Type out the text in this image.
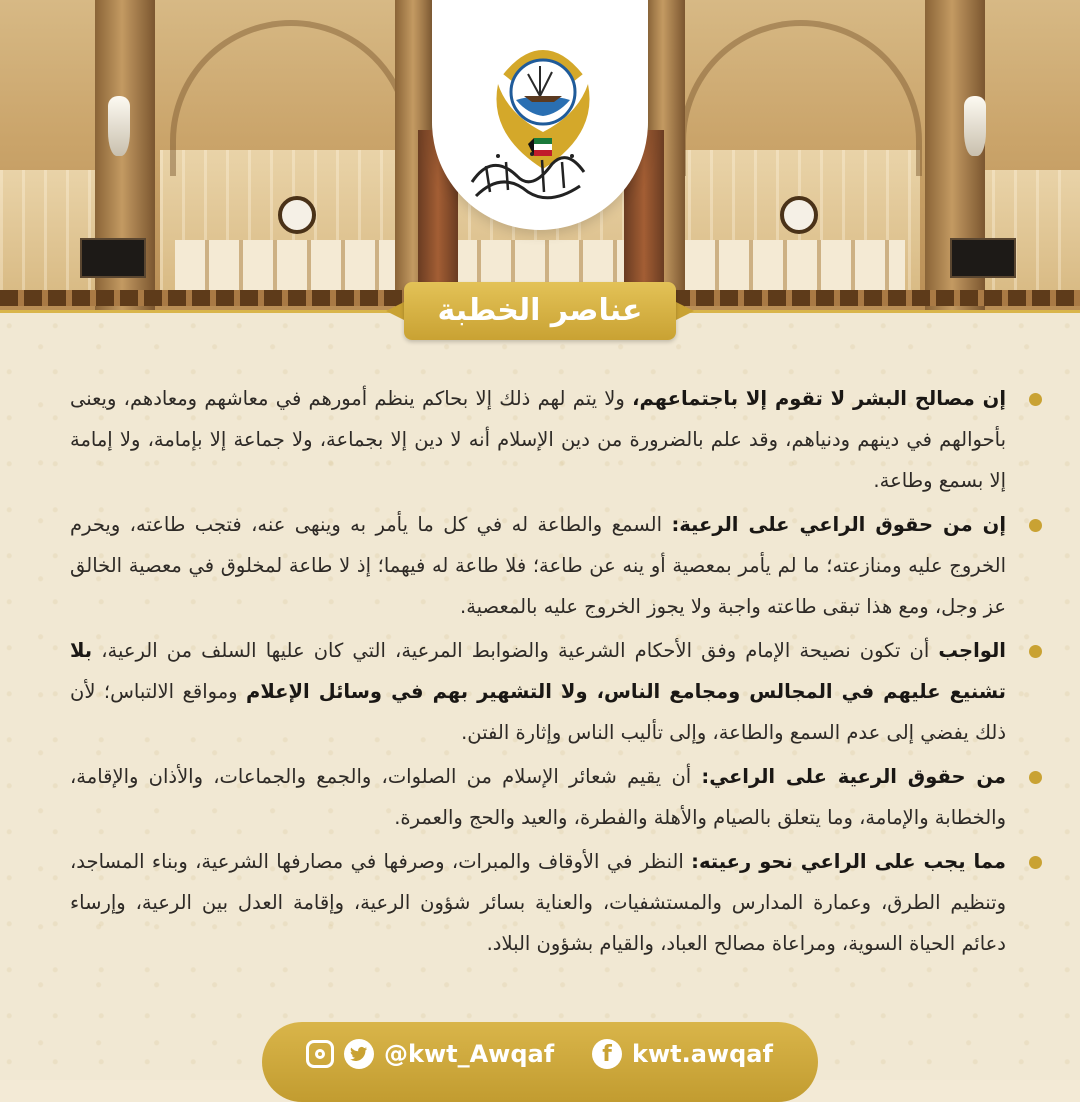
عناصر الخطبة

إن مصالح البشر لا تقوم إلا باجتماعهم، ولا يتم لهم ذلك إلا بحاكم ينظم أمورهم في معاشهم ومعادهم، ويعنى بأحوالهم في دينهم ودنياهم، وقد علم بالضرورة من دين الإسلام أنه لا دين إلا بجماعة، ولا جماعة إلا بإمامة، ولا إمامة إلا بسمع وطاعة.

إن من حقوق الراعي على الرعية: السمع والطاعة له في كل ما يأمر به وينهى عنه، فتجب طاعته، ويحرم الخروج عليه ومنازعته؛ ما لم يأمر بمعصية أو ينه عن طاعة؛ فلا طاعة له فيهما؛ إذ لا طاعة لمخلوق في معصية الخالق عز وجل، ومع هذا تبقى طاعته واجبة ولا يجوز الخروج عليه بالمعصية.

الواجب أن تكون نصيحة الإمام وفق الأحكام الشرعية والضوابط المرعية، التي كان عليها السلف من الرعية، بلا تشنيع عليهم في المجالس ومجامع الناس، ولا التشهير بهم في وسائل الإعلام ومواقع الالتباس؛ لأن ذلك يفضي إلى عدم السمع والطاعة، وإلى تأليب الناس وإثارة الفتن.

من حقوق الرعية على الراعي: أن يقيم شعائر الإسلام من الصلوات، والجمع والجماعات، والأذان والإقامة، والخطابة والإمامة، وما يتعلق بالصيام والأهلة والفطرة، والعيد والحج والعمرة.

مما يجب على الراعي نحو رعيته: النظر في الأوقاف والمبرات، وصرفها في مصارفها الشرعية، وبناء المساجد، وتنظيم الطرق، وعمارة المدارس والمستشفيات، والعناية بسائر شؤون الرعية، وإقامة العدل بين الرعية، وإرساء دعائم الحياة السوية، ومراعاة مصالح العباد، والقيام بشؤون البلاد.

@kwt_Awqaf	f kwt.awqaf
